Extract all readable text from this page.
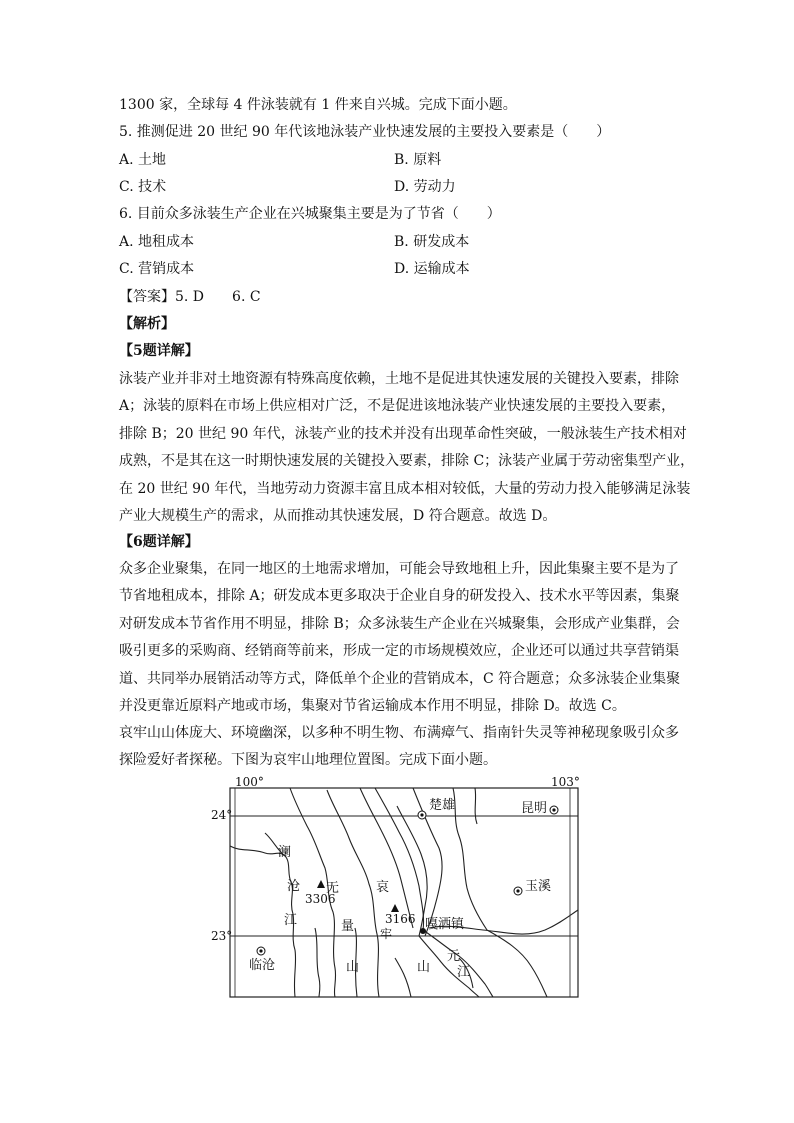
1300 家，全球每 4 件泳装就有 1 件来自兴城。完成下面小题。
5. 推测促进 20 世纪 90 年代该地泳装产业快速发展的主要投入要素是（　　）
A. 土地	B. 原料
C. 技术	D. 劳动力
6. 目前众多泳装生产企业在兴城聚集主要是为了节省（　　）
A. 地租成本	B. 研发成本
C. 营销成本	D. 运输成本
【答案】5. D　　6. C
【解析】
【5题详解】
泳装产业并非对土地资源有特殊高度依赖，土地不是促进其快速发展的关键投入要素，排除
A；泳装的原料在市场上供应相对广泛，不是促进该地泳装产业快速发展的主要投入要素，
排除 B；20 世纪 90 年代，泳装产业的技术并没有出现革命性突破，一般泳装生产技术相对
成熟，不是其在这一时期快速发展的关键投入要素，排除 C；泳装产业属于劳动密集型产业，
在 20 世纪 90 年代，当地劳动力资源丰富且成本相对较低，大量的劳动力投入能够满足泳装
产业大规模生产的需求，从而推动其快速发展，D 符合题意。故选 D。
【6题详解】
众多企业聚集，在同一地区的土地需求增加，可能会导致地租上升，因此集聚主要不是为了
节省地租成本，排除 A；研发成本更多取决于企业自身的研发投入、技术水平等因素，集聚
对研发成本节省作用不明显，排除 B；众多泳装生产企业在兴城聚集，会形成产业集群，会
吸引更多的采购商、经销商等前来，形成一定的市场规模效应，企业还可以通过共享营销渠
道、共同举办展销活动等方式，降低单个企业的营销成本，C 符合题意；众多泳装企业集聚
并没更靠近原料产地或市场，集聚对节省运输成本作用不明显，排除 D。故选 C。
哀牢山山体庞大、环境幽深，以多种不明生物、布满瘴气、指南针失灵等神秘现象吸引众多
探险爱好者探秘。下图为哀牢山地理位置图。完成下面小题。
100°	103°
24°
23°
楚雄	昆明
玉溪
临沧
嘎洒镇
澜
沧
江
元
江
无
量
山
哀
牢
山
3306
3166
